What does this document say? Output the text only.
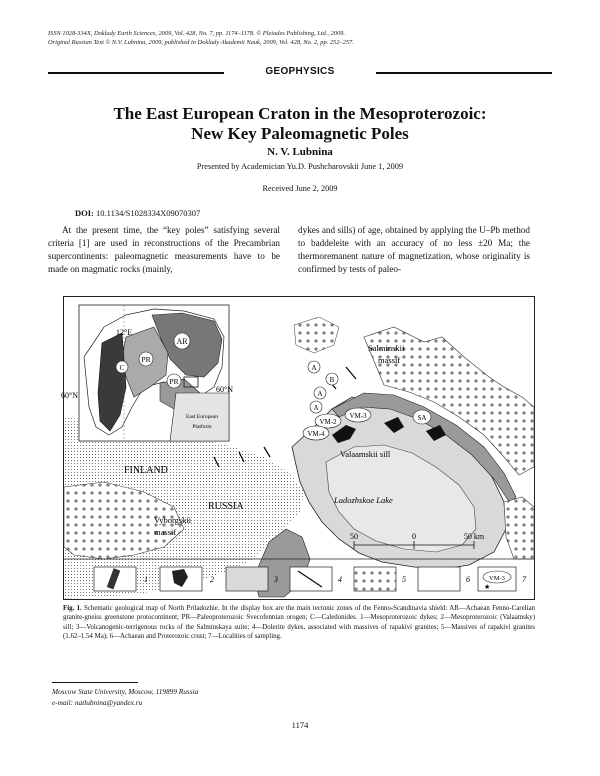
ISSN 1028-334X, Doklady Earth Sciences, 2009, Vol. 428, No. 7, pp. 1174–1178. © Pleiades Publishing, Ltd., 2009.
Original Russian Text © N.V. Lubnina, 2009, published in Doklady Akademii Nauk, 2009, Vol. 428, No. 2, pp. 252–257.
GEOPHYSICS
The East European Craton in the Mesoproterozoic:
New Key Paleomagnetic Poles
N. V. Lubnina
Presented by Academician Yu.D. Pushcharovskii June 1, 2009
Received June 2, 2009
DOI: 10.1134/S1028334X09070307

At the present time, the “key poles” satisfying several criteria [1] are used in reconstructions of the Precambrian supercontinents: paleomagnetic measurements have to be made on magmatic rocks (mainly,

dykes and sills) of age, obtained by applying the U–Pb method to baddeleite with an accuracy of no less ±20 Ma; the thermoremanent nature of magnetization, whose originality is confirmed by tests of paleo-

AR
PR
PR
C
East European
Platform
12°E
60°N
60°N
FINLAND
RUSSIA
Vyborgskii
massif
Salminskii
massif
Valaamskii sill
Ladozhskoe Lake
A
B
A
A
VM-2
VM-3
VM-4
SA
50	0	50 km
1	2	3	4	5	6	VM-3
★
7
Fig. 1. Schematic geological map of North Priladozhie. In the display box are the main tectonic zones of the Fenno-Scandinavia shield: AR—Achaean Fenno-Carelian granite-gneiss greenstone protocontinent; PR—Paleoproterozoic Svecofennian orogen; C—Caledonides. 1—Mesoproterozoic dykes; 2—Mesoproterozoic (Valaamsky) sill; 3—Volcanogenic-terrigenous rocks of the Salminskaya suite; 4—Dolerite dykes, associated with massives of rapakivi granites; 5—Massives of rapakivi granites (1.62–1.54 Ma); 6—Achaean and Proterozoic crust; 7—Localities of sampling.
Moscow State University, Moscow, 119899 Russia
e-mail: natlubnina@yandex.ru
1174
